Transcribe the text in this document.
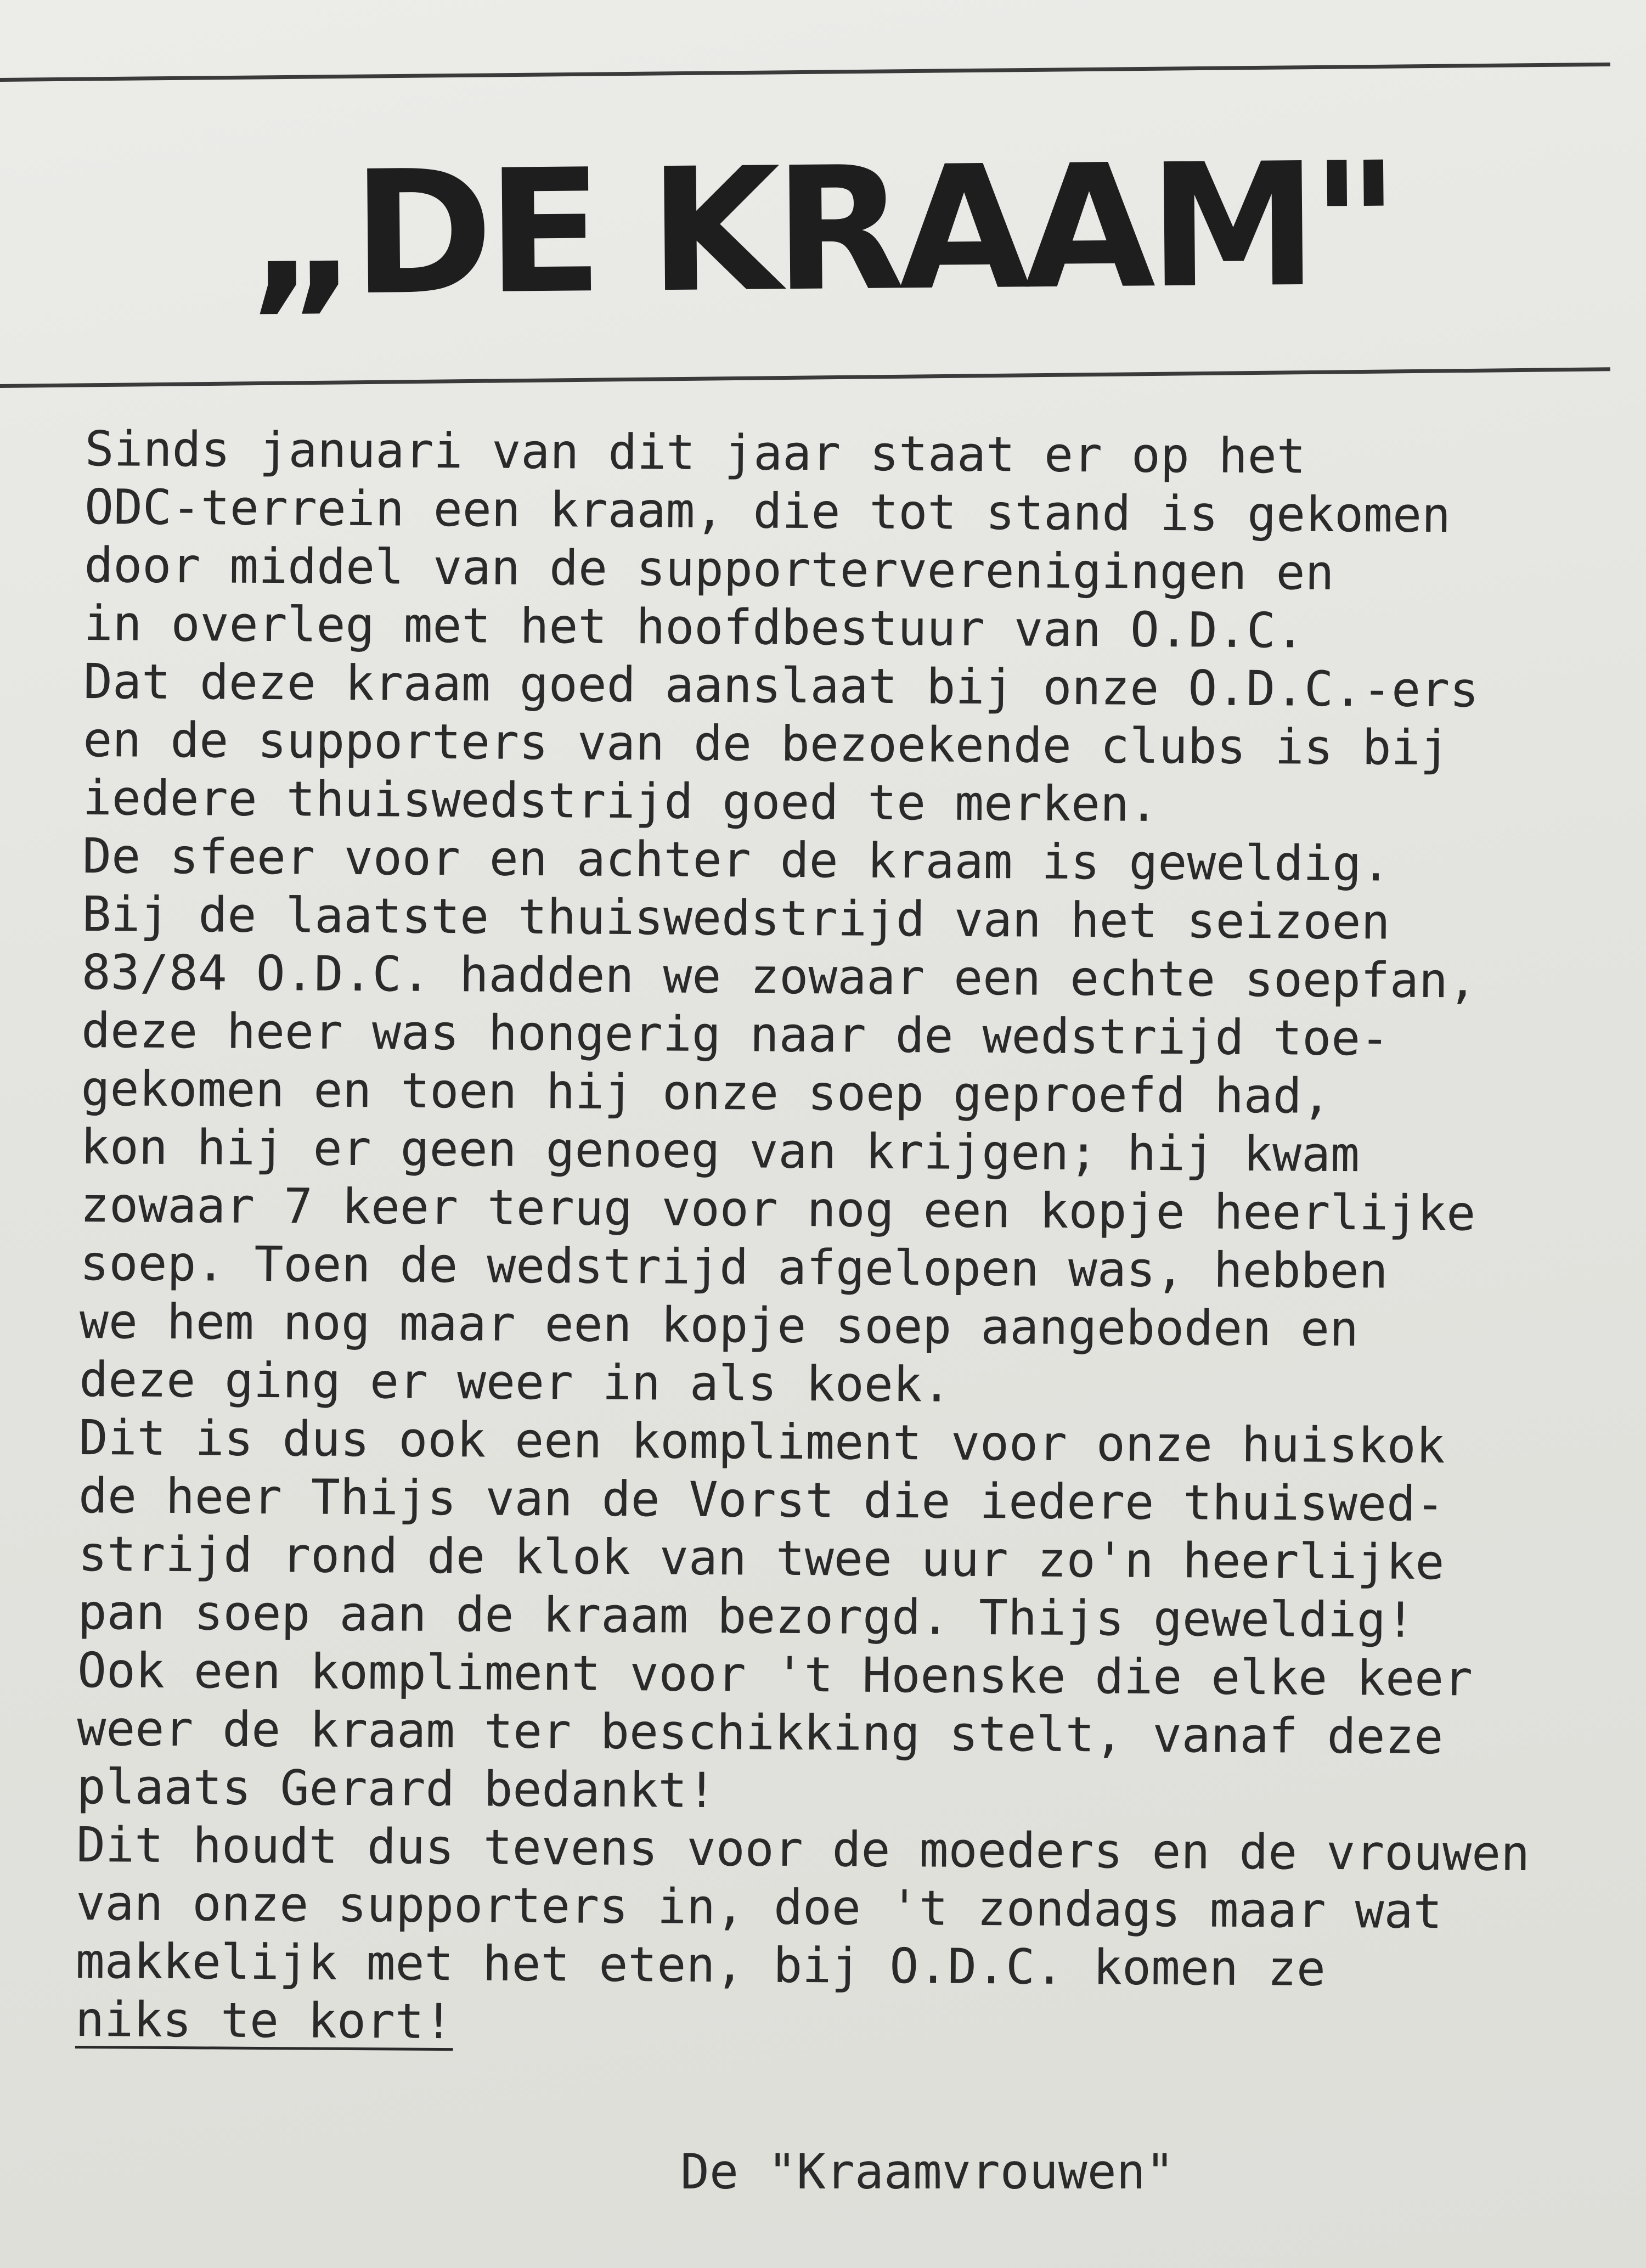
„DE KRAAM"
Sinds januari van dit jaar staat er op het
ODC-terrein een kraam, die tot stand is gekomen
door middel van de supporterverenigingen en
in overleg met het hoofdbestuur van O.D.C.
Dat deze kraam goed aanslaat bij onze O.D.C.-ers
en de supporters van de bezoekende clubs is bij
iedere thuiswedstrijd goed te merken.
De sfeer voor en achter de kraam is geweldig.
Bij de laatste thuiswedstrijd van het seizoen
83/84 O.D.C. hadden we zowaar een echte soepfan,
deze heer was hongerig naar de wedstrijd toe-
gekomen en toen hij onze soep geproefd had,
kon hij er geen genoeg van krijgen; hij kwam
zowaar 7 keer terug voor nog een kopje heerlijke
soep. Toen de wedstrijd afgelopen was, hebben
we hem nog maar een kopje soep aangeboden en
deze ging er weer in als koek.
Dit is dus ook een kompliment voor onze huiskok
de heer Thijs van de Vorst die iedere thuiswed-
strijd rond de klok van twee uur zo'n heerlijke
pan soep aan de kraam bezorgd. Thijs geweldig!
Ook een kompliment voor 't Hoenske die elke keer
weer de kraam ter beschikking stelt, vanaf deze
plaats Gerard bedankt!
Dit houdt dus tevens voor de moeders en de vrouwen
van onze supporters in, doe 't zondags maar wat
makkelijk met het eten, bij O.D.C. komen ze
niks te kort!
De "Kraamvrouwen"
